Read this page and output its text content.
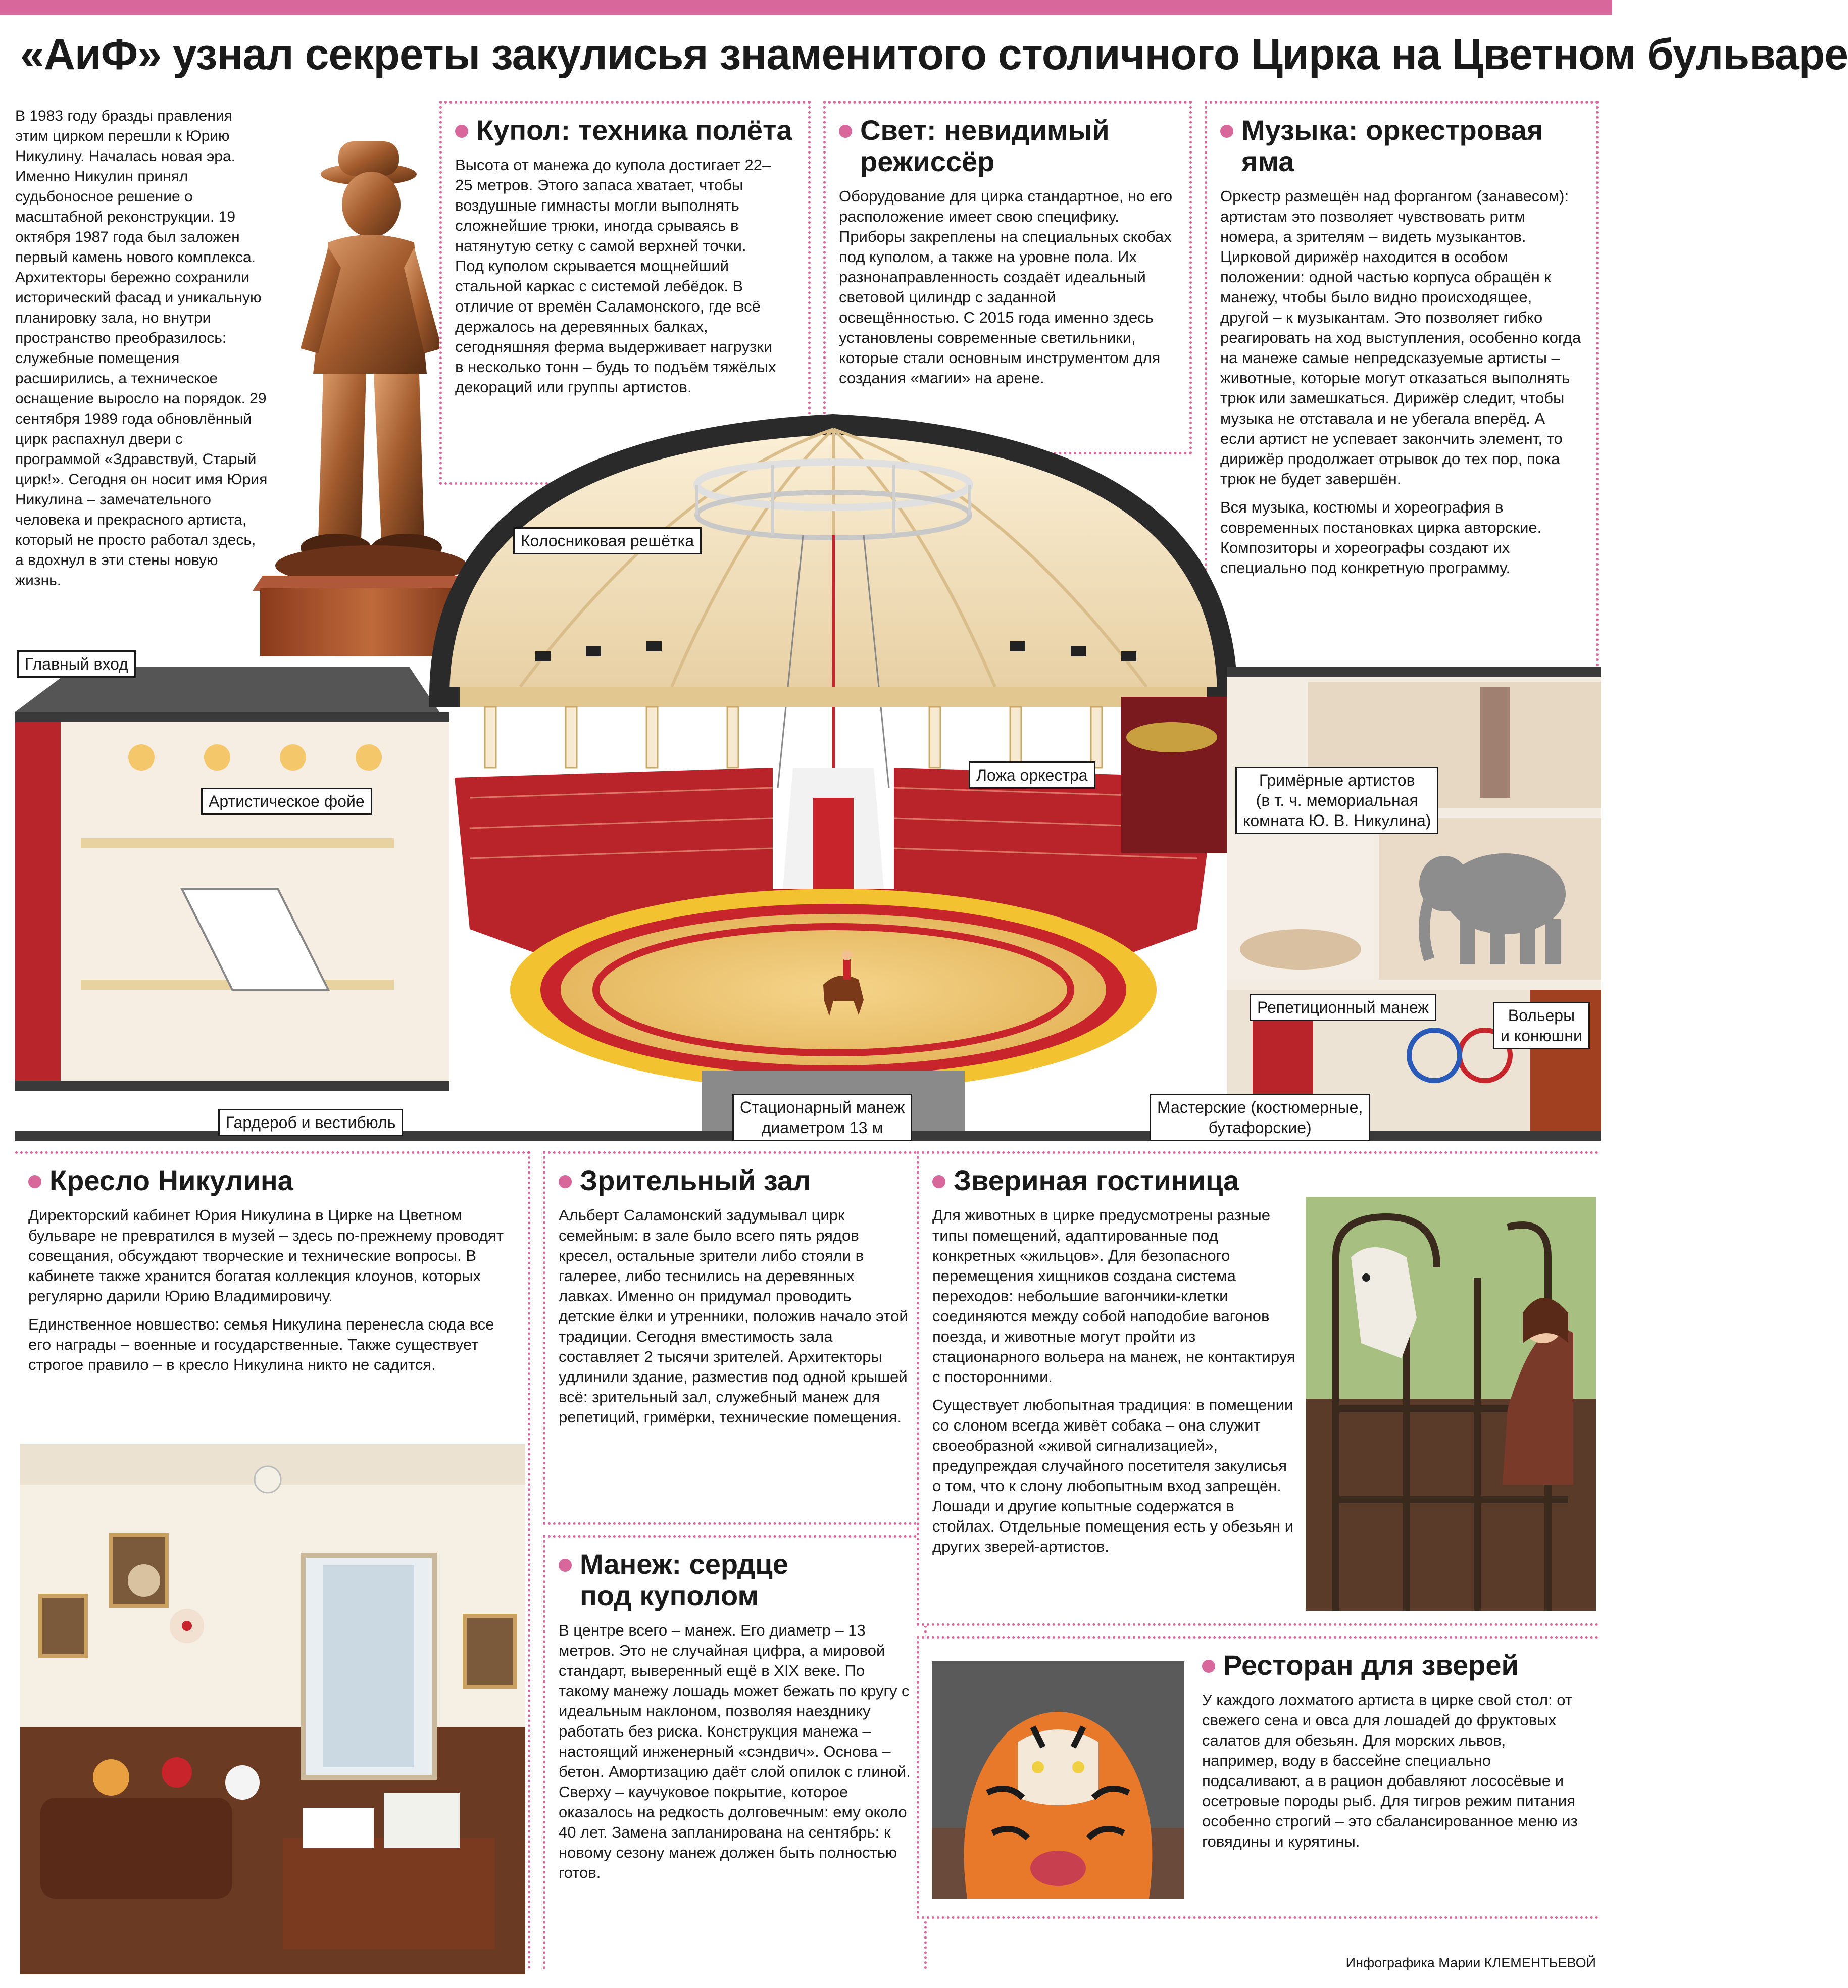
«АиФ» узнал секреты закулисья знаменитого столичного Цирка на Цветном бульваре
В 1983 году бразды правления этим цирком перешли к Юрию Никулину. Началась новая эра. Именно Никулин принял судьбоносное решение о масштабной реконструкции. 19 октября 1987 года был заложен первый камень нового комплекса. Архитекторы бережно сохранили исторический фасад и уникальную планировку зала, но внутри пространство преобразилось: служебные помещения расширились, а техническое оснащение выросло на порядок. 29 сентября 1989 года обновлённый цирк распахнул двери с программой «Здравствуй, Старый цирк!». Сегодня он носит имя Юрия Никулина – замечательного человека и прекрасного артиста, который не просто работал здесь, а вдохнул в эти стены новую жизнь.
Купол: техника полёта
Высота от манежа до купола достигает 22–25 метров. Этого запаса хватает, чтобы воздушные гимнасты могли выполнять сложнейшие трюки, иногда срываясь в натянутую сетку с самой верхней точки. Под куполом скрывается мощнейший стальной каркас с системой лебёдок. В отличие от времён Саламонского, где всё держалось на деревянных балках, сегодняшняя ферма выдерживает нагрузки в несколько тонн – будь то подъём тяжёлых декораций или группы артистов.
Свет: невидимый режиссёр
Оборудование для цирка стандартное, но его расположение имеет свою специфику. Приборы закреплены на специальных скобах под куполом, а также на уровне пола. Их разнонаправленность создаёт идеальный световой цилиндр с заданной освещённостью. С 2015 года именно здесь установлены современные светильники, которые стали основным инструментом для создания «магии» на арене.
Музыка: оркестровая яма

Оркестр размещён над форгангом (занавесом): артистам это позволяет чувствовать ритм номера, а зрителям – видеть музыкантов. Цирковой дирижёр находится в особом положении: одной частью корпуса обращён к манежу, чтобы было видно происходящее, другой – к музыкантам. Это позволяет гибко реагировать на ход выступления, особенно когда на манеже самые непредсказуемые артисты – животные, которые могут отказаться выполнять трюк или замешкаться. Дирижёр следит, чтобы музыка не отставала и не убегала вперёд. А если артист не успевает закончить элемент, то дирижёр продолжает отрывок до тех пор, пока трюк не будет завершён.

Вся музыка, костюмы и хореография в современных постановках цирка авторские. Композиторы и хореографы создают их специально под конкретную программу.

Главный вход
Артистическое фойе
Гардероб и вестибюль
Колосниковая решётка
Ложа оркестра
Стационарный манеж
диаметром 13 м
Гримёрные артистов
(в т. ч. мемориальная
комната Ю. В. Никулина)
Репетиционный манеж	Вольеры
и конюшни
Мастерские (костюмерные,
бутафорские)
Кресло Никулина

Директорский кабинет Юрия Никулина в Цирке на Цветном бульваре не превратился в музей – здесь по-прежнему проводят совещания, обсуждают творческие и технические вопросы. В кабинете также хранится богатая коллекция клоунов, которых регулярно дарили Юрию Владимировичу.

Единственное новшество: семья Никулина перенесла сюда все его награды – военные и государственные. Также существует строгое правило – в кресло Никулина никто не садится.

Зрительный зал
Альберт Саламонский задумывал цирк семейным: в зале было всего пять рядов кресел, остальные зрители либо стояли в галерее, либо теснились на деревянных лавках. Именно он придумал проводить детские ёлки и утренники, положив начало этой традиции. Сегодня вместимость зала составляет 2 тысячи зрителей. Архитекторы удлинили здание, разместив под одной крышей всё: зрительный зал, служебный манеж для репетиций, гримёрки, технические помещения.
Манеж: сердце под куполом
В центре всего – манеж. Его диаметр – 13 метров. Это не случайная цифра, а мировой стандарт, выверенный ещё в XIX веке. По такому манежу лошадь может бежать по кругу с идеальным наклоном, позволяя наезднику работать без риска. Конструкция манежа – настоящий инженерный «сэндвич». Основа – бетон. Амортизацию даёт слой опилок с глиной. Сверху – каучуковое покрытие, которое оказалось на редкость долговечным: ему около 40 лет. Замена запланирована на сентябрь: к новому сезону манеж должен быть полностью готов.
Звериная гостиница

Для животных в цирке предусмотрены разные типы помещений, адаптированные под конкретных «жильцов». Для безопасного перемещения хищников создана система переходов: небольшие вагончики-клетки соединяются между собой наподобие вагонов поезда, и животные могут пройти из стационарного вольера на манеж, не контактируя с посторонними.

Существует любопытная традиция: в помещении со слоном всегда живёт собака – она служит своеобразной «живой сигнализацией», предупреждая случайного посетителя закулисья о том, что к слону любопытным вход запрещён. Лошади и другие копытные содержатся в стойлах. Отдельные помещения есть у обезьян и других зверей-артистов.

Ресторан для зверей
У каждого лохматого артиста в цирке свой стол: от свежего сена и овса для лошадей до фруктовых салатов для обезьян. Для морских львов, например, воду в бассейне специально подсаливают, а в рацион добавляют лососёвые и осетровые породы рыб. Для тигров режим питания особенно строгий – это сбалансированное меню из говядины и курятины.
Инфографика Марии КЛЕМЕНТЬЕВОЙ
